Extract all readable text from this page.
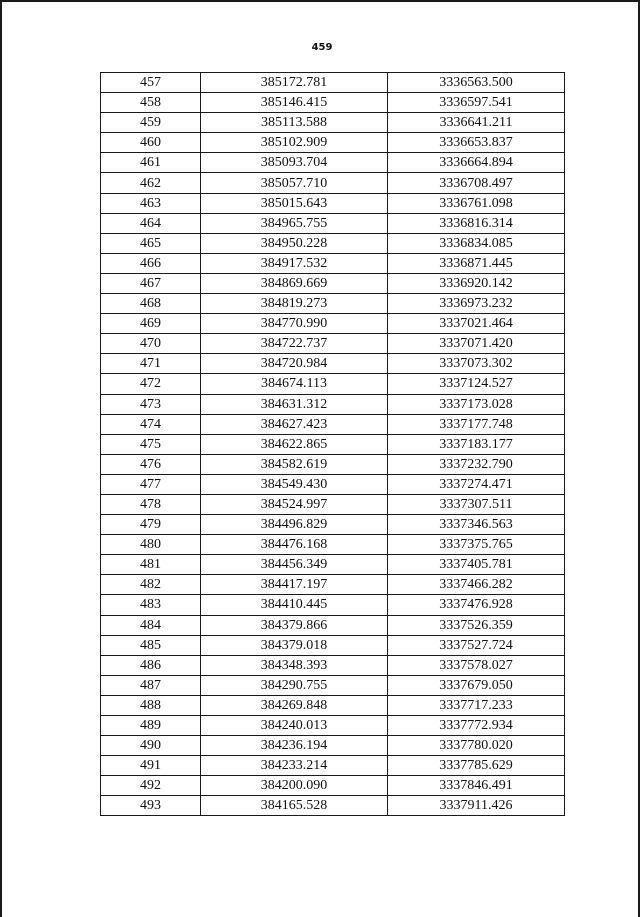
459
457	385172.781	3336563.500
458	385146.415	3336597.541
459	385113.588	3336641.211
460	385102.909	3336653.837
461	385093.704	3336664.894
462	385057.710	3336708.497
463	385015.643	3336761.098
464	384965.755	3336816.314
465	384950.228	3336834.085
466	384917.532	3336871.445
467	384869.669	3336920.142
468	384819.273	3336973.232
469	384770.990	3337021.464
470	384722.737	3337071.420
471	384720.984	3337073.302
472	384674.113	3337124.527
473	384631.312	3337173.028
474	384627.423	3337177.748
475	384622.865	3337183.177
476	384582.619	3337232.790
477	384549.430	3337274.471
478	384524.997	3337307.511
479	384496.829	3337346.563
480	384476.168	3337375.765
481	384456.349	3337405.781
482	384417.197	3337466.282
483	384410.445	3337476.928
484	384379.866	3337526.359
485	384379.018	3337527.724
486	384348.393	3337578.027
487	384290.755	3337679.050
488	384269.848	3337717.233
489	384240.013	3337772.934
490	384236.194	3337780.020
491	384233.214	3337785.629
492	384200.090	3337846.491
493	384165.528	3337911.426
